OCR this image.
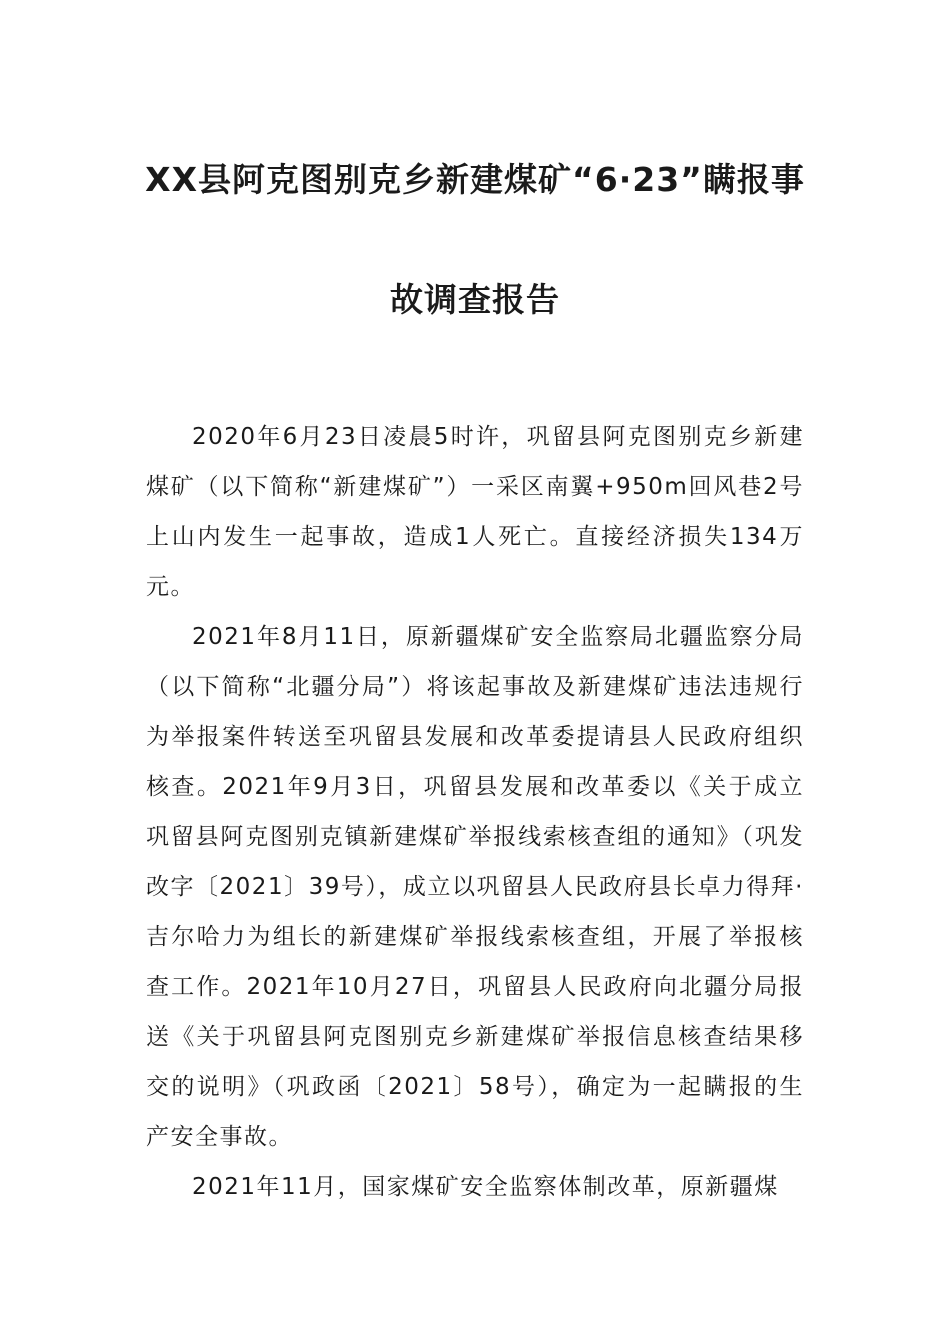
XX县阿克图别克乡新建煤矿“6·23”瞒报事
故调查报告

2020年6月23日凌晨5时许，巩留县阿克图别克乡新建煤矿（以下简称“新建煤矿”）一采区南翼+950m回风巷2号上山内发生一起事故，造成1人死亡。直接经济损失134万元。

2021年8月11日，原新疆煤矿安全监察局北疆监察分局（以下简称“北疆分局”）将该起事故及新建煤矿违法违规行为举报案件转送至巩留县发展和改革委提请县人民政府组织核查。2021年9月3日，巩留县发展和改革委以《关于成立巩留县阿克图别克镇新建煤矿举报线索核查组的通知》（巩发改字〔2021〕39号），成立以巩留县人民政府县长卓力得拜·吉尔哈力为组长的新建煤矿举报线索核查组，开展了举报核查工作。2021年10月27日，巩留县人民政府向北疆分局报送《关于巩留县阿克图别克乡新建煤矿举报信息核查结果移交的说明》（巩政函〔2021〕58号），确定为一起瞒报的生产安全事故。

2021年11月，国家煤矿安全监察体制改革，原新疆煤
